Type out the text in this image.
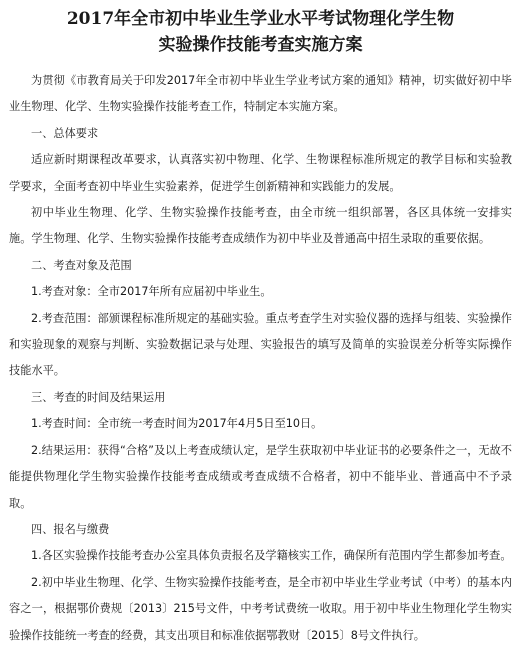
2017年全市初中毕业生学业水平考试物理化学生物
实验操作技能考查实施方案

为贯彻《市教育局关于印发2017年全市初中毕业生学业考试方案的通知》精神，切实做好初中毕业生物理、化学、生物实验操作技能考查工作，特制定本实施方案。

一、总体要求

适应新时期课程改革要求，认真落实初中物理、化学、生物课程标准所规定的教学目标和实验教学要求，全面考查初中毕业生实验素养，促进学生创新精神和实践能力的发展。

初中毕业生物理、化学、生物实验操作技能考查，由全市统一组织部署，各区具体统一安排实施。学生物理、化学、生物实验操作技能考查成绩作为初中毕业及普通高中招生录取的重要依据。

二、考查对象及范围

1.考查对象：全市2017年所有应届初中毕业生。

2.考查范围：部颁课程标准所规定的基础实验。重点考查学生对实验仪器的选择与组装、实验操作和实验现象的观察与判断、实验数据记录与处理、实验报告的填写及简单的实验误差分析等实际操作技能水平。

三、考查的时间及结果运用

1.考查时间：全市统一考查时间为2017年4月5日至10日。

2.结果运用：获得“合格”及以上考查成绩认定，是学生获取初中毕业证书的必要条件之一，无故不能提供物理化学生物实验操作技能考查成绩或考查成绩不合格者，初中不能毕业、普通高中不予录取。

四、报名与缴费

1.各区实验操作技能考查办公室具体负责报名及学籍核实工作，确保所有范围内学生都参加考查。

2.初中毕业生物理、化学、生物实验操作技能考查，是全市初中毕业生学业考试（中考）的基本内容之一，根据鄂价费规〔2013〕215号文件，中考考试费统一收取。用于初中毕业生物理化学生物实验操作技能统一考查的经费，其支出项目和标准依据鄂教财〔2015〕8号文件执行。
